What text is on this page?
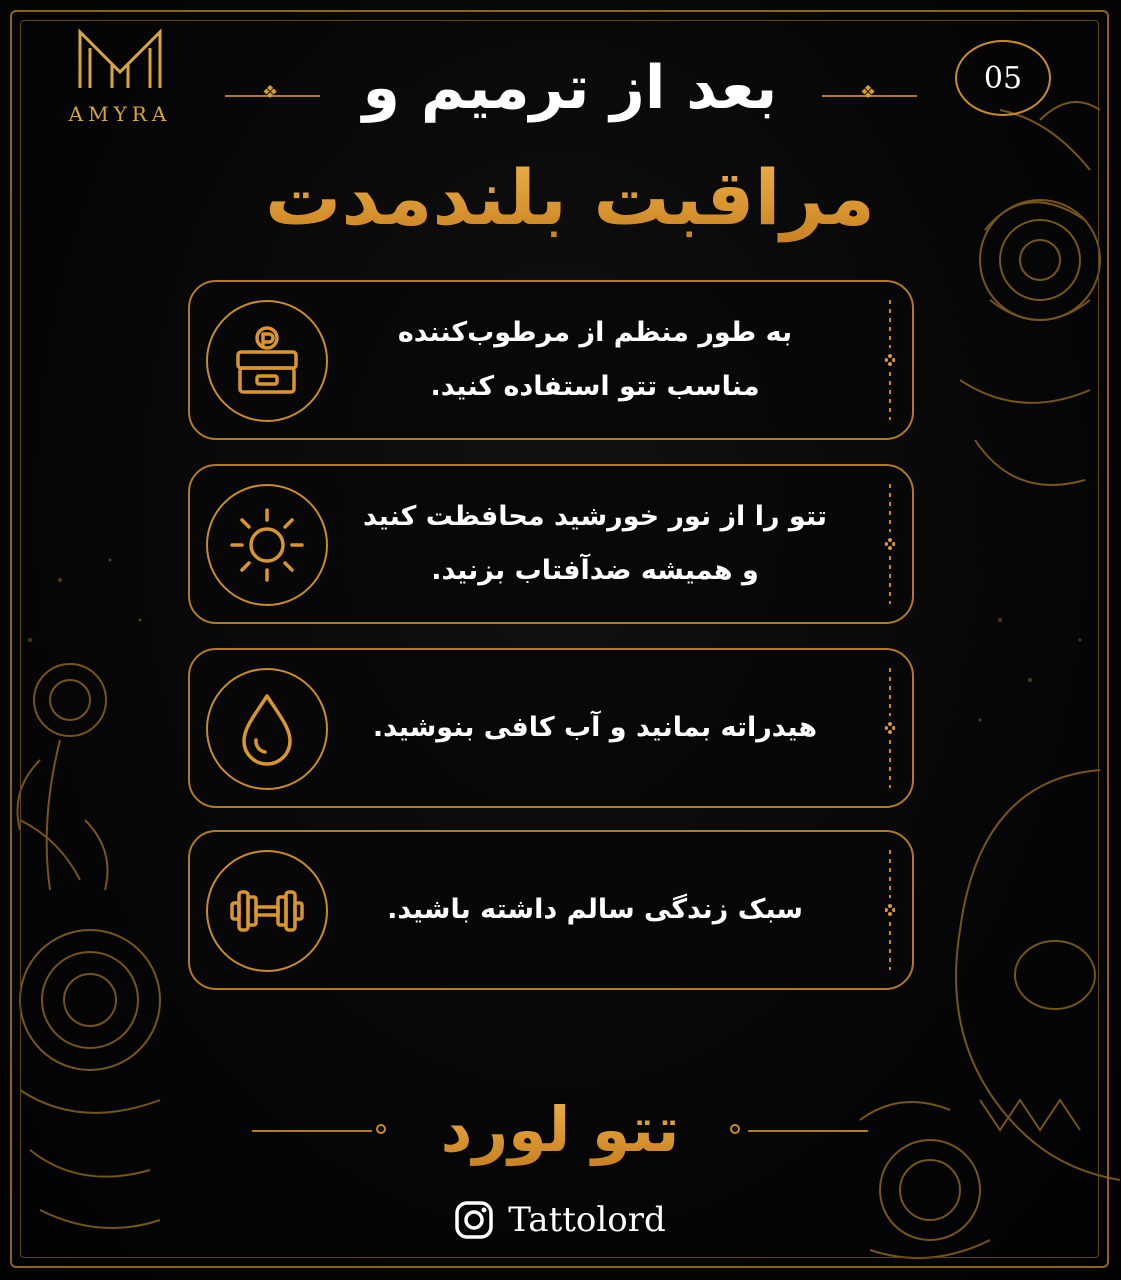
AMYRA
05
❖	❖
بعد از ترمیم و
مراقبت بلندمدت
به طور منظم از مرطوب‌کننده مناسب تتو استفاده کنید.
تتو را از نور خورشید محافظت کنید و همیشه ضدآفتاب بزنید.
هیدراته بمانید و آب کافی بنوشید.
سبک زندگی سالم داشته باشید.
تتو لورد
Tattolord
